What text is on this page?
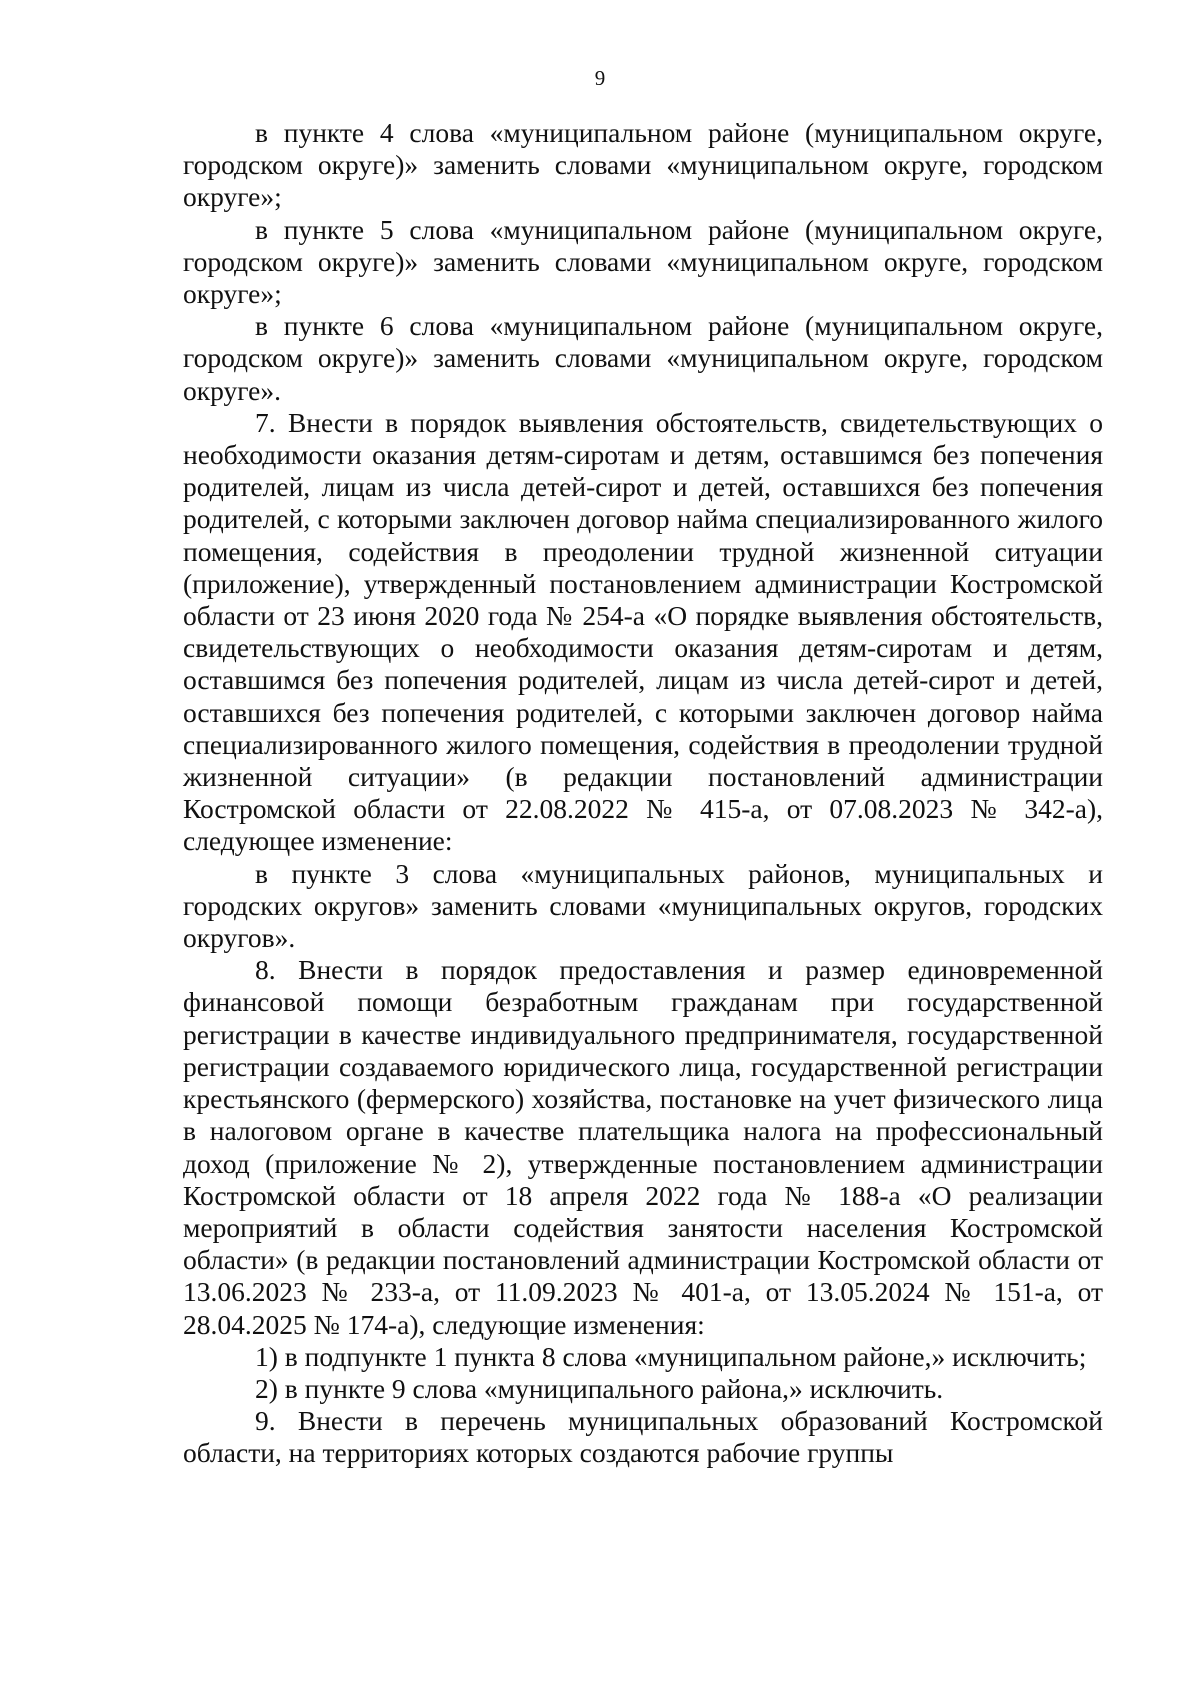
9

в пункте 4 слова «муниципальном районе (муниципальном округе, городском округе)» заменить словами «муниципальном округе, городском округе»;

в пункте 5 слова «муниципальном районе (муниципальном округе, городском округе)» заменить словами «муниципальном округе, городском округе»;

в пункте 6 слова «муниципальном районе (муниципальном округе, городском округе)» заменить словами «муниципальном округе, городском округе».

7. Внести в порядок выявления обстоятельств, свидетельствующих о необходимости оказания детям-сиротам и детям, оставшимся без попечения родителей, лицам из числа детей-сирот и детей, оставшихся без попечения родителей, с которыми заключен договор найма специализированного жилого помещения, содействия в преодолении трудной жизненной ситуации (приложение), утвержденный постановлением администрации Костромской области от 23 июня 2020 года № 254-а «О порядке выявления обстоятельств, свидетельствующих о необходимости оказания детям-сиротам и детям, оставшимся без попечения родителей, лицам из числа детей-сирот и детей, оставшихся без попечения родителей, с которыми заключен договор найма специализированного жилого помещения, содействия в преодолении трудной жизненной ситуации» (в редакции постановлений администрации Костромской области от 22.08.2022 № 415-а, от 07.08.2023 № 342-а), следующее изменение:

в пункте 3 слова «муниципальных районов, муниципальных и городских округов» заменить словами «муниципальных округов, городских округов».

8. Внести в порядок предоставления и размер единовременной финансовой помощи безработным гражданам при государственной регистрации в качестве индивидуального предпринимателя, государственной регистрации создаваемого юридического лица, государственной регистрации крестьянского (фермерского) хозяйства, постановке на учет физического лица в налоговом органе в качестве плательщика налога на профессиональный доход (приложение № 2), утвержденные постановлением администрации Костромской области от 18 апреля 2022 года № 188-а «О реализации мероприятий в области содействия занятости населения Костромской области» (в редакции постановлений администрации Костромской области от 13.06.2023 № 233-а, от 11.09.2023 № 401-а, от 13.05.2024 № 151-а, от 28.04.2025 № 174-а), следующие изменения:

1) в подпункте 1 пункта 8 слова «муниципальном районе,» исключить;

2) в пункте 9 слова «муниципального района,» исключить.

9. Внести в перечень муниципальных образований Костромской области, на территориях которых создаются рабочие группы
